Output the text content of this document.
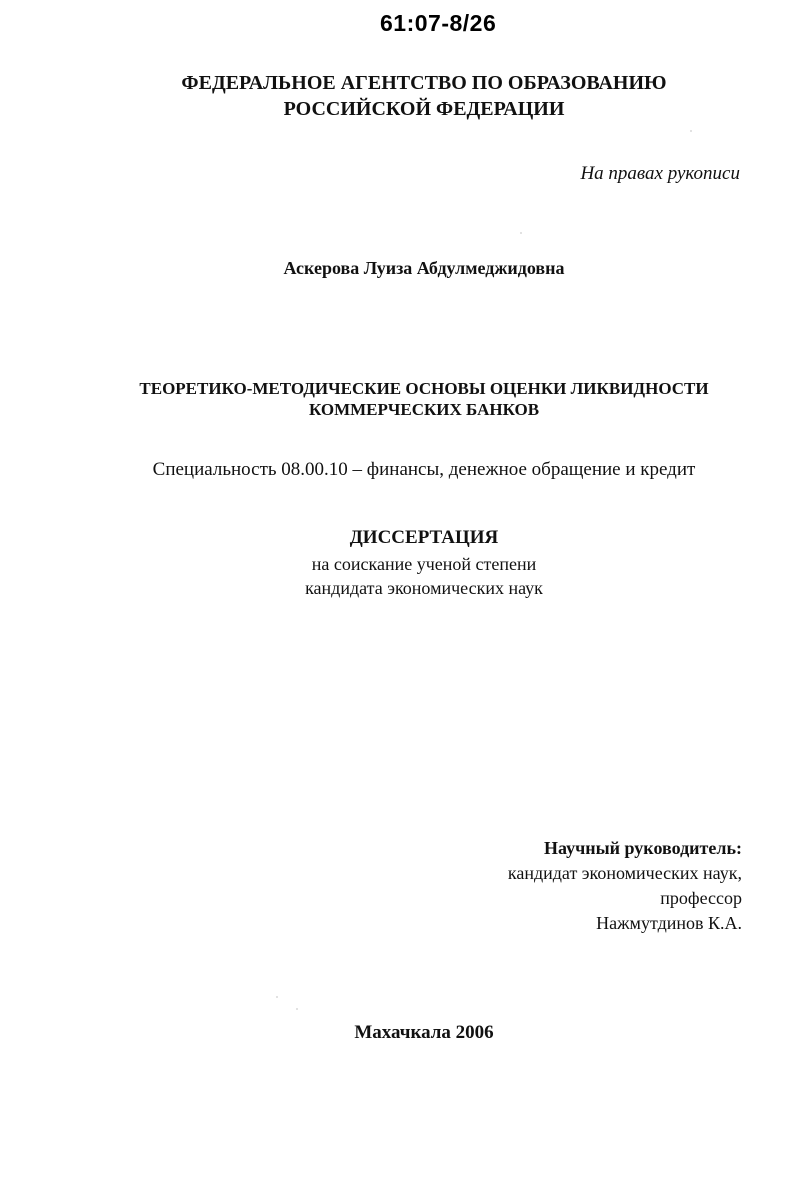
61:07-8/26
ФЕДЕРАЛЬНОЕ АГЕНТСТВО ПО ОБРАЗОВАНИЮ
РОССИЙСКОЙ ФЕДЕРАЦИИ
На правах рукописи
Аскерова Луиза Абдулмеджидовна
ТЕОРЕТИКО-МЕТОДИЧЕСКИЕ ОСНОВЫ ОЦЕНКИ ЛИКВИДНОСТИ
КОММЕРЧЕСКИХ БАНКОВ
Специальность 08.00.10 – финансы, денежное обращение и кредит
ДИССЕРТАЦИЯ
на соискание ученой степени
кандидата экономических наук
Научный руководитель:
кандидат экономических наук,
профессор
Нажмутдинов К.А.
Махачкала 2006
